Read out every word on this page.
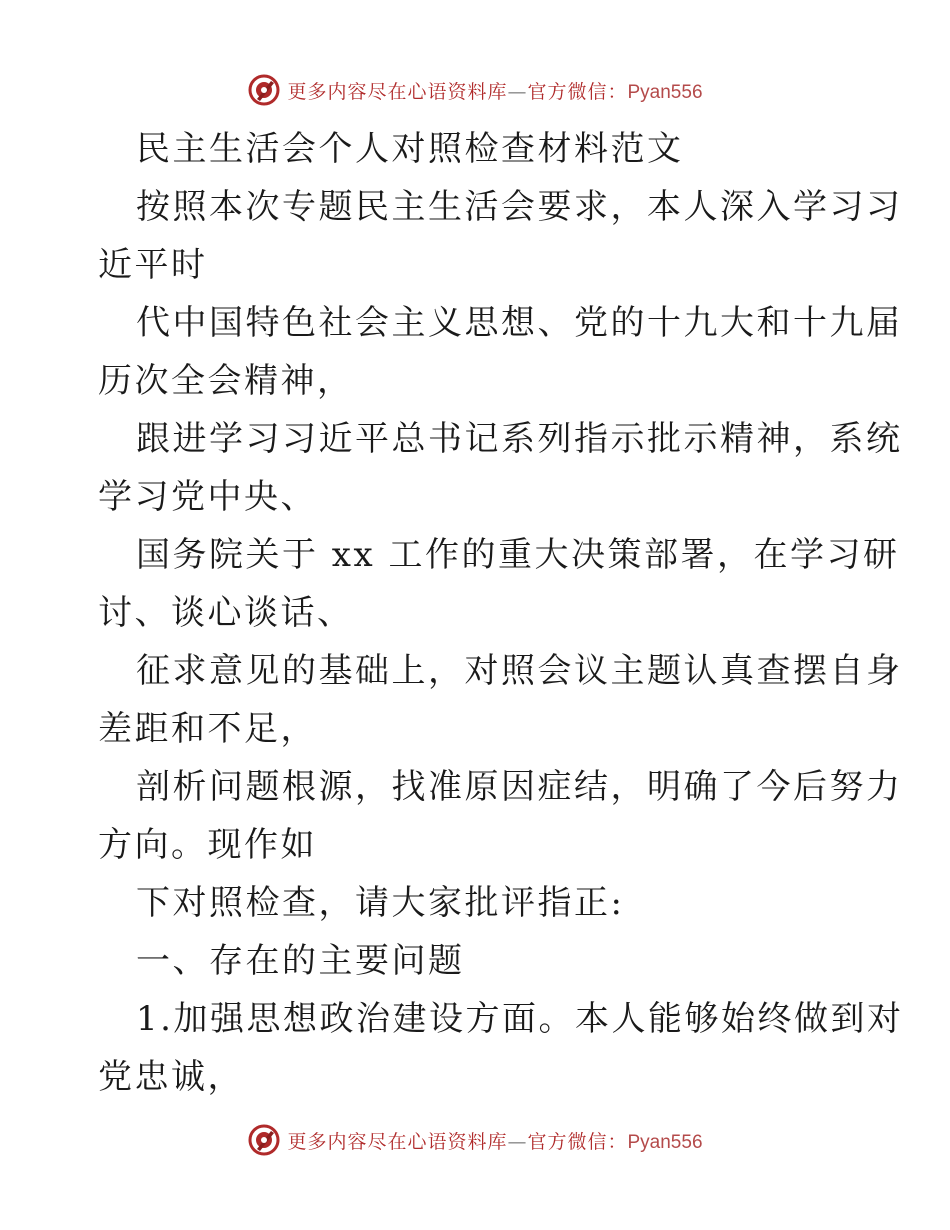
更多内容尽在心语资料库—官方微信：Pyan556
民主生活会个人对照检查材料范文
按照本次专题民主生活会要求，本人深入学习习
近平时
代中国特色社会主义思想、党的十九大和十九届
历次全会精神，
跟进学习习近平总书记系列指示批示精神，系统
学习党中央、
国务院关于 xx 工作的重大决策部署，在学习研
讨、谈心谈话、
征求意见的基础上，对照会议主题认真查摆自身
差距和不足，
剖析问题根源，找准原因症结，明确了今后努力
方向。现作如
下对照检查，请大家批评指正:
一、存在的主要问题
1.加强思想政治建设方面。本人能够始终做到对
党忠诚，
更多内容尽在心语资料库—官方微信：Pyan556
